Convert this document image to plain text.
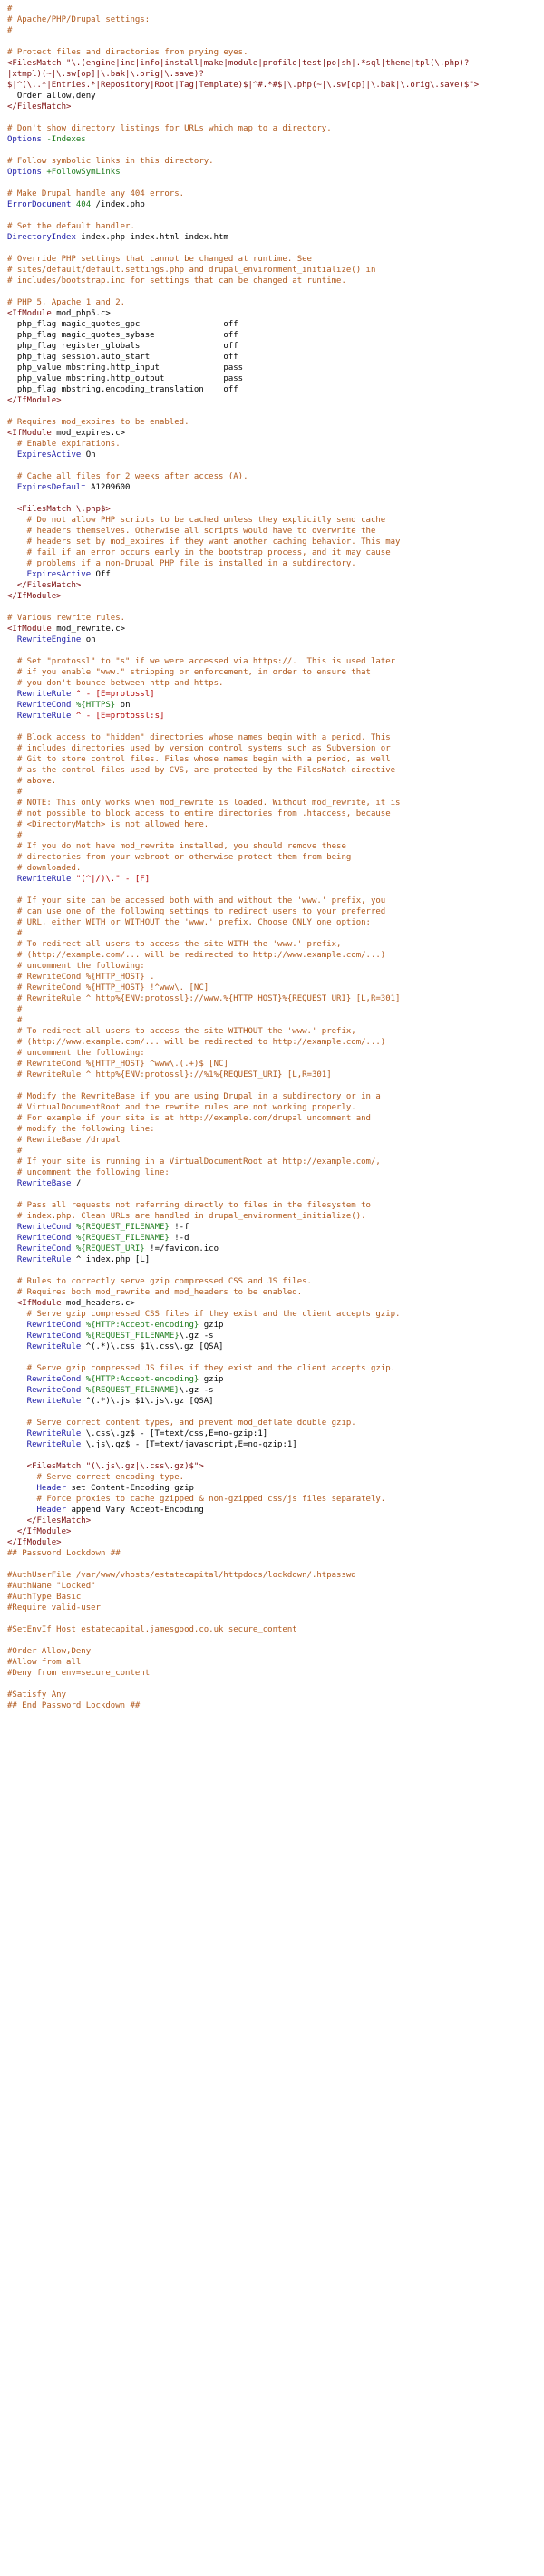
#
# Apache/PHP/Drupal settings:
#
# Protect files and directories from prying eyes.
<FilesMatch "\.(engine|inc|info|install|make|module|profile|test|po|sh|.*sql|theme|tpl(\.php)?
|xtmpl)(~|\.sw[op]|\.bak|\.orig|\.save)?
$|^(\..*|Entries.*|Repository|Root|Tag|Template)$|^#.*#$|\.php(~|\.sw[op]|\.bak|\.orig\.save)$">
Order allow,deny
</FilesMatch>
# Don't show directory listings for URLs which map to a directory.
Options -Indexes
# Follow symbolic links in this directory.
Options +FollowSymLinks
# Make Drupal handle any 404 errors.
ErrorDocument 404 /index.php
# Set the default handler.
DirectoryIndex index.php index.html index.htm
# Override PHP settings that cannot be changed at runtime. See
# sites/default/default.settings.php and drupal_environment_initialize() in
# includes/bootstrap.inc for settings that can be changed at runtime.
# PHP 5, Apache 1 and 2.
<IfModule mod_php5.c>
php_flag magic_quotes_gpc                 off
php_flag magic_quotes_sybase              off
php_flag register_globals                 off
php_flag session.auto_start               off
php_value mbstring.http_input             pass
php_value mbstring.http_output            pass
php_flag mbstring.encoding_translation    off
</IfModule>
# Requires mod_expires to be enabled.
<IfModule mod_expires.c>
# Enable expirations.
ExpiresActive On
# Cache all files for 2 weeks after access (A).
ExpiresDefault A1209600
<FilesMatch \.php$>
# Do not allow PHP scripts to be cached unless they explicitly send cache
# headers themselves. Otherwise all scripts would have to overwrite the
# headers set by mod_expires if they want another caching behavior. This may
# fail if an error occurs early in the bootstrap process, and it may cause
# problems if a non-Drupal PHP file is installed in a subdirectory.
ExpiresActive Off
</FilesMatch>
</IfModule>
# Various rewrite rules.
<IfModule mod_rewrite.c>
RewriteEngine on
# Set "protossl" to "s" if we were accessed via https://.  This is used later
# if you enable "www." stripping or enforcement, in order to ensure that
# you don't bounce between http and https.
RewriteRule ^ - [E=protossl]
RewriteCond %{HTTPS} on
RewriteRule ^ - [E=protossl:s]
# Block access to "hidden" directories whose names begin with a period. This
# includes directories used by version control systems such as Subversion or
# Git to store control files. Files whose names begin with a period, as well
# as the control files used by CVS, are protected by the FilesMatch directive
# above.
#
# NOTE: This only works when mod_rewrite is loaded. Without mod_rewrite, it is
# not possible to block access to entire directories from .htaccess, because
# <DirectoryMatch> is not allowed here.
#
# If you do not have mod_rewrite installed, you should remove these
# directories from your webroot or otherwise protect them from being
# downloaded.
RewriteRule "(^|/)\." - [F]
# If your site can be accessed both with and without the 'www.' prefix, you
# can use one of the following settings to redirect users to your preferred
# URL, either WITH or WITHOUT the 'www.' prefix. Choose ONLY one option:
#
# To redirect all users to access the site WITH the 'www.' prefix,
# (http://example.com/... will be redirected to http://www.example.com/...)
# uncomment the following:
# RewriteCond %{HTTP_HOST} .
# RewriteCond %{HTTP_HOST} !^www\. [NC]
# RewriteRule ^ http%{ENV:protossl}://www.%{HTTP_HOST}%{REQUEST_URI} [L,R=301]
#
#
# To redirect all users to access the site WITHOUT the 'www.' prefix,
# (http://www.example.com/... will be redirected to http://example.com/...)
# uncomment the following:
# RewriteCond %{HTTP_HOST} ^www\.(.+)$ [NC]
# RewriteRule ^ http%{ENV:protossl}://%1%{REQUEST_URI} [L,R=301]
# Modify the RewriteBase if you are using Drupal in a subdirectory or in a
# VirtualDocumentRoot and the rewrite rules are not working properly.
# For example if your site is at http://example.com/drupal uncomment and
# modify the following line:
# RewriteBase /drupal
#
# If your site is running in a VirtualDocumentRoot at http://example.com/,
# uncomment the following line:
RewriteBase /
# Pass all requests not referring directly to files in the filesystem to
# index.php. Clean URLs are handled in drupal_environment_initialize().
RewriteCond %{REQUEST_FILENAME} !-f
RewriteCond %{REQUEST_FILENAME} !-d
RewriteCond %{REQUEST_URI} !=/favicon.ico
RewriteRule ^ index.php [L]
# Rules to correctly serve gzip compressed CSS and JS files.
# Requires both mod_rewrite and mod_headers to be enabled.
<IfModule mod_headers.c>
# Serve gzip compressed CSS files if they exist and the client accepts gzip.
RewriteCond %{HTTP:Accept-encoding} gzip
RewriteCond %{REQUEST_FILENAME}\.gz -s
RewriteRule ^(.*)\.css $1\.css\.gz [QSA]
# Serve gzip compressed JS files if they exist and the client accepts gzip.
RewriteCond %{HTTP:Accept-encoding} gzip
RewriteCond %{REQUEST_FILENAME}\.gz -s
RewriteRule ^(.*)\.js $1\.js\.gz [QSA]
# Serve correct content types, and prevent mod_deflate double gzip.
RewriteRule \.css\.gz$ - [T=text/css,E=no-gzip:1]
RewriteRule \.js\.gz$ - [T=text/javascript,E=no-gzip:1]
<FilesMatch "(\.js\.gz|\.css\.gz)$">
# Serve correct encoding type.
Header set Content-Encoding gzip
# Force proxies to cache gzipped & non-gzipped css/js files separately.
Header append Vary Accept-Encoding
</FilesMatch>
</IfModule>
</IfModule>
## Password Lockdown ##
#AuthUserFile /var/www/vhosts/estatecapital/httpdocs/lockdown/.htpasswd
#AuthName "Locked"
#AuthType Basic
#Require valid-user
#SetEnvIf Host estatecapital.jamesgood.co.uk secure_content
#Order Allow,Deny
#Allow from all
#Deny from env=secure_content
#Satisfy Any
## End Password Lockdown ##
